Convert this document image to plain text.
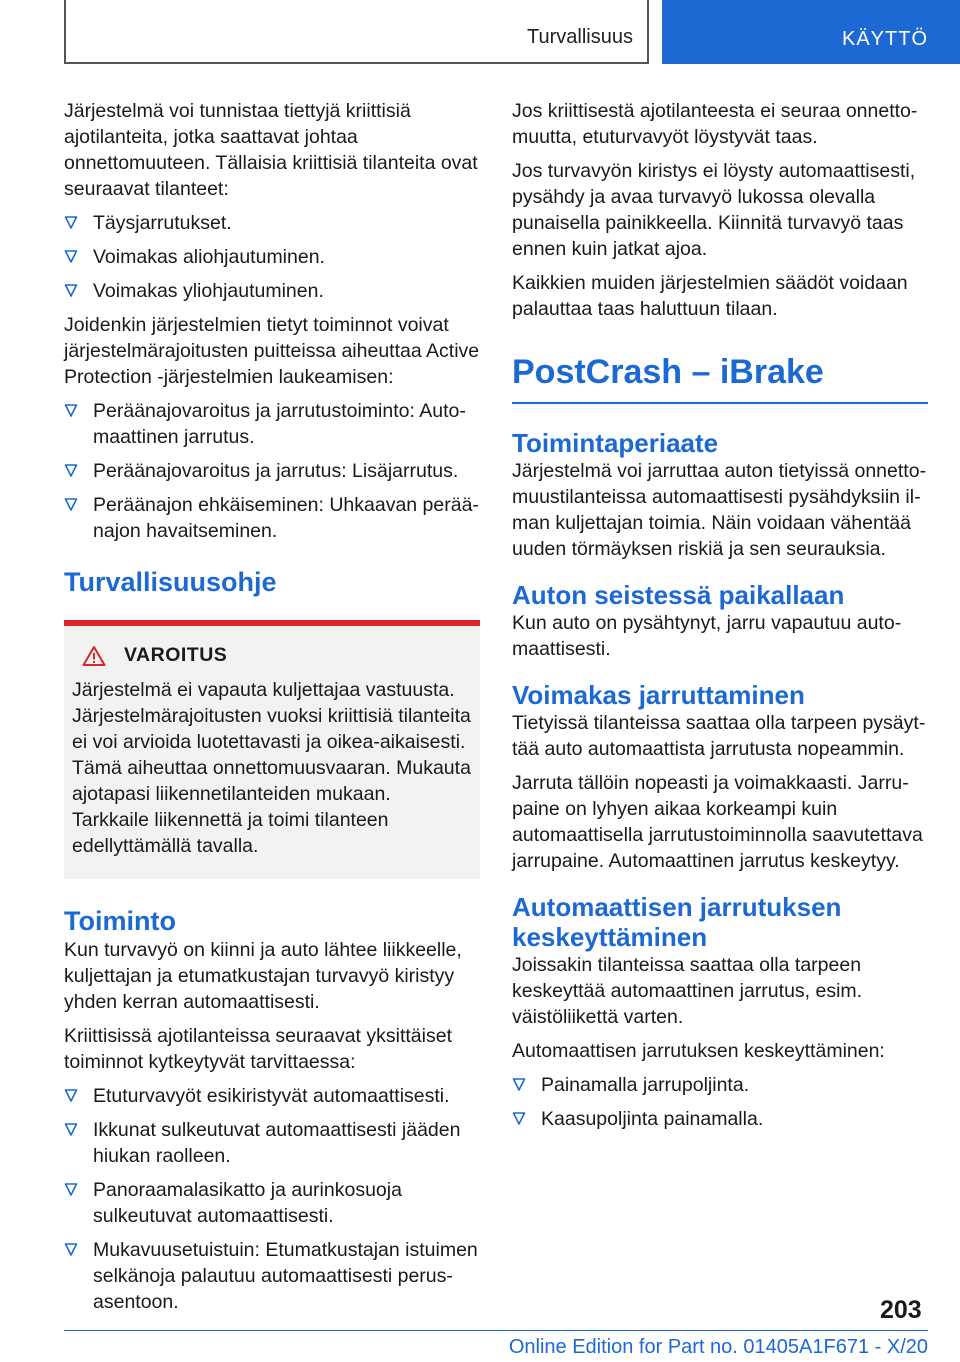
Turvallisuus	KÄYTTÖ

Järjestelmä voi tunnistaa tiettyjä kriittisiä ajotilanteita, jotka saattavat johtaa onnettomuuteen. Tällaisia kriittisiä tilanteita ovat seuraavat tilanteet:

Täysjarrutukset.
Voimakas aliohjautuminen.
Voimakas yliohjautuminen.

Joidenkin järjestelmien tietyt toiminnot voivat järjestelmärajoitusten puitteissa aiheuttaa Active Protection -järjestelmien laukeamisen:

Peräänajovaroitus ja jarrutustoiminto: Automaattinen jarrutus.
Peräänajovaroitus ja jarrutus: Lisäjarrutus.
Peräänajon ehkäiseminen: Uhkaavan peräänajon havaitseminen.
Turvallisuusohje
VAROITUS

Järjestelmä ei vapauta kuljettajaa vastuusta. Järjestelmärajoitusten vuoksi kriittisiä tilanteita ei voi arvioida luotettavasti ja oikea-aikaisesti. Tämä aiheuttaa onnettomuusvaaran. Mukauta ajotapasi liikennetilanteiden mukaan. Tarkkaile liikennettä ja toimi tilanteen edellyttämällä tavalla.

Toiminto

Kun turvavyö on kiinni ja auto lähtee liikkeelle, kuljettajan ja etumatkustajan turvavyö kiristyy yhden kerran automaattisesti.

Kriittisissä ajotilanteissa seuraavat yksittäiset toiminnot kytkeytyvät tarvittaessa:

Etuturvavyöt esikiristyvät automaattisesti.
Ikkunat sulkeutuvat automaattisesti jääden hiukan raolleen.
Panoraamalasikatto ja aurinkosuoja sulkeutuvat automaattisesti.
Mukavuusetuistuin: Etumatkustajan istuimen selkänoja palautuu automaattisesti perusasentoon.

Jos kriittisestä ajotilanteesta ei seuraa onnettomuutta, etuturvavyöt löystyvät taas.

Jos turvavyön kiristys ei löysty automaattisesti, pysähdy ja avaa turvavyö lukossa olevalla punaisella painikkeella. Kiinnitä turvavyö taas ennen kuin jatkat ajoa.

Kaikkien muiden järjestelmien säädöt voidaan palauttaa taas haluttuun tilaan.

PostCrash – iBrake
Toimintaperiaate

Järjestelmä voi jarruttaa auton tietyissä onnettomuustilanteissa automaattisesti pysähdyksiin ilman kuljettajan toimia. Näin voidaan vähentää uuden törmäyksen riskiä ja sen seurauksia.

Auton seistessä paikallaan

Kun auto on pysähtynyt, jarru vapautuu automaattisesti.

Voimakas jarruttaminen

Tietyissä tilanteissa saattaa olla tarpeen pysäyttää auto automaattista jarrutusta nopeammin.

Jarruta tällöin nopeasti ja voimakkaasti. Jarrupaine on lyhyen aikaa korkeampi kuin automaattisella jarrutustoiminnolla saavutettava jarrupaine. Automaattinen jarrutus keskeytyy.

Automaattisen jarrutuksen keskeyttäminen

Joissakin tilanteissa saattaa olla tarpeen keskeyttää automaattinen jarrutus, esim. väistöliikettä varten.

Automaattisen jarrutuksen keskeyttäminen:

Painamalla jarrupoljinta.
Kaasupoljinta painamalla.
203
Online Edition for Part no. 01405A1F671 - X/20
